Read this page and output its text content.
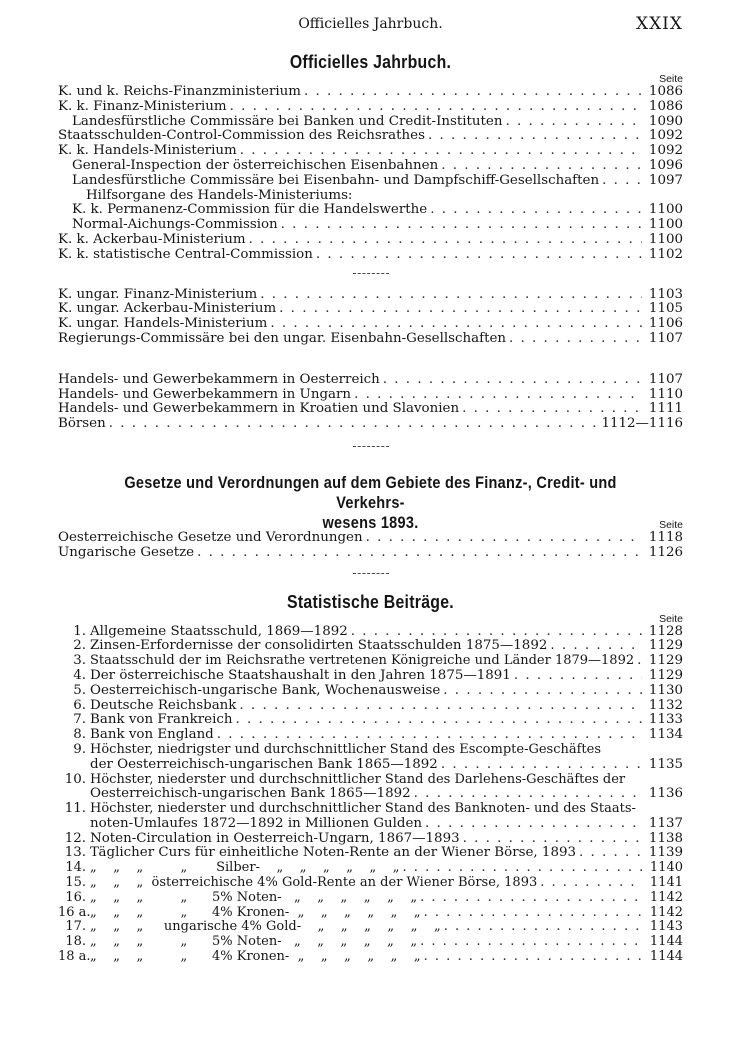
Officielles Jahrbuch.	XXIX
Officielles Jahrbuch.
Seite
K. und k. Reichs-Finanzministerium . . .	1086
K. k. Finanz-Ministerium . . .	1086
Landesfürstliche Commissäre bei Banken und Credit-Instituten . . .	1090
Staatsschulden-Control-Commission des Reichsrathes . . .	1092
K. k. Handels-Ministerium . . .	1092
General-Inspection der österreichischen Eisenbahnen . . .	1096
Landesfürstliche Commissäre bei Eisenbahn- und Dampfschiff-Gesellschaften . . .	1097
Hilfsorgane des Handels-Ministeriums:
K. k. Permanenz-Commission für die Handelswerthe . . .	1100
Normal-Aichungs-Commission . . .	1100
K. k. Ackerbau-Ministerium . . .	1100
K. k. statistische Central-Commission . . .	1102
K. ungar. Finanz-Ministerium . . .	1103
K. ungar. Ackerbau-Ministerium . . .	1105
K. ungar. Handels-Ministerium . . .	1106
Regierungs-Commissäre bei den ungar. Eisenbahn-Gesellschaften . . .	1107
Handels- und Gewerbekammern in Oesterreich . . .	1107
Handels- und Gewerbekammern in Ungarn . . .	1110
Handels- und Gewerbekammern in Kroatien und Slavonien . . .	1111
Börsen . . .	1112—1116
Gesetze und Verordnungen auf dem Gebiete des Finanz-, Credit- und Verkehrs-
wesens 1893.	Seite
Oesterreichische Gesetze und Verordnungen . . .	1118
Ungarische Gesetze . . .	1126
Statistische Beiträge.
Seite
1. Allgemeine Staatsschuld, 1869—1892 . . .	1128
2. Zinsen-Erfordernisse der consolidirten Staatsschulden 1875—1892 . . .	1129
3. Staatsschuld der im Reichsrathe vertretenen Königreiche und Länder 1879—1892 . . . 1129
4. Der österreichische Staatshaushalt in den Jahren 1875—1891 . . .	1129
5. Oesterreichisch-ungarische Bank, Wochenausweise . . .	1130
6. Deutsche Reichsbank . . .	1132
7. Bank von Frankreich . . .	1133
8. Bank von England . . .	1134
9. Höchster, niedrigster und durchschnittlicher Stand des Escompte-Geschäftes
der Oesterreichisch-ungarischen Bank 1865—1892 . . .	1135
10. Höchster, niederster und durchschnittlicher Stand des Darlehens-Geschäftes der
Oesterreichisch-ungarischen Bank 1865—1892 . . .	1136
11. Höchster, niederster und durchschnittlicher Stand des Banknoten- und des Staats-
noten-Umlaufes 1872—1892 in Millionen Gulden . . .	1137
12. Noten-Circulation in Oesterreich-Ungarn, 1867—1893 . . .	1138
13. Täglicher Curs für einheitliche Noten-Rente an der Wiener Börse, 1893 . . .	1139
14. „    „    „         „       Silber-    „    „    „    „    „    „ . . .	1140
15. „    „    „  österreichische 4% Gold-Rente an der Wiener Börse, 1893 . . .	1141
16. „    „    „         „      5% Noten-   „    „    „    „    „    „ . . .	1142
16 a. „    „    „         „      4% Kronen-  „    „    „    „    „    „ . . .	1142
17. „    „    „     ungarische 4% Gold-    „    „    „    „    „    „ . . .	1143
18. „    „    „         „      5% Noten-   „    „    „    „    „    „ . . .	1144
18 a. „    „    „         „      4% Kronen-  „    „    „    „    „    „ . . .	1144
